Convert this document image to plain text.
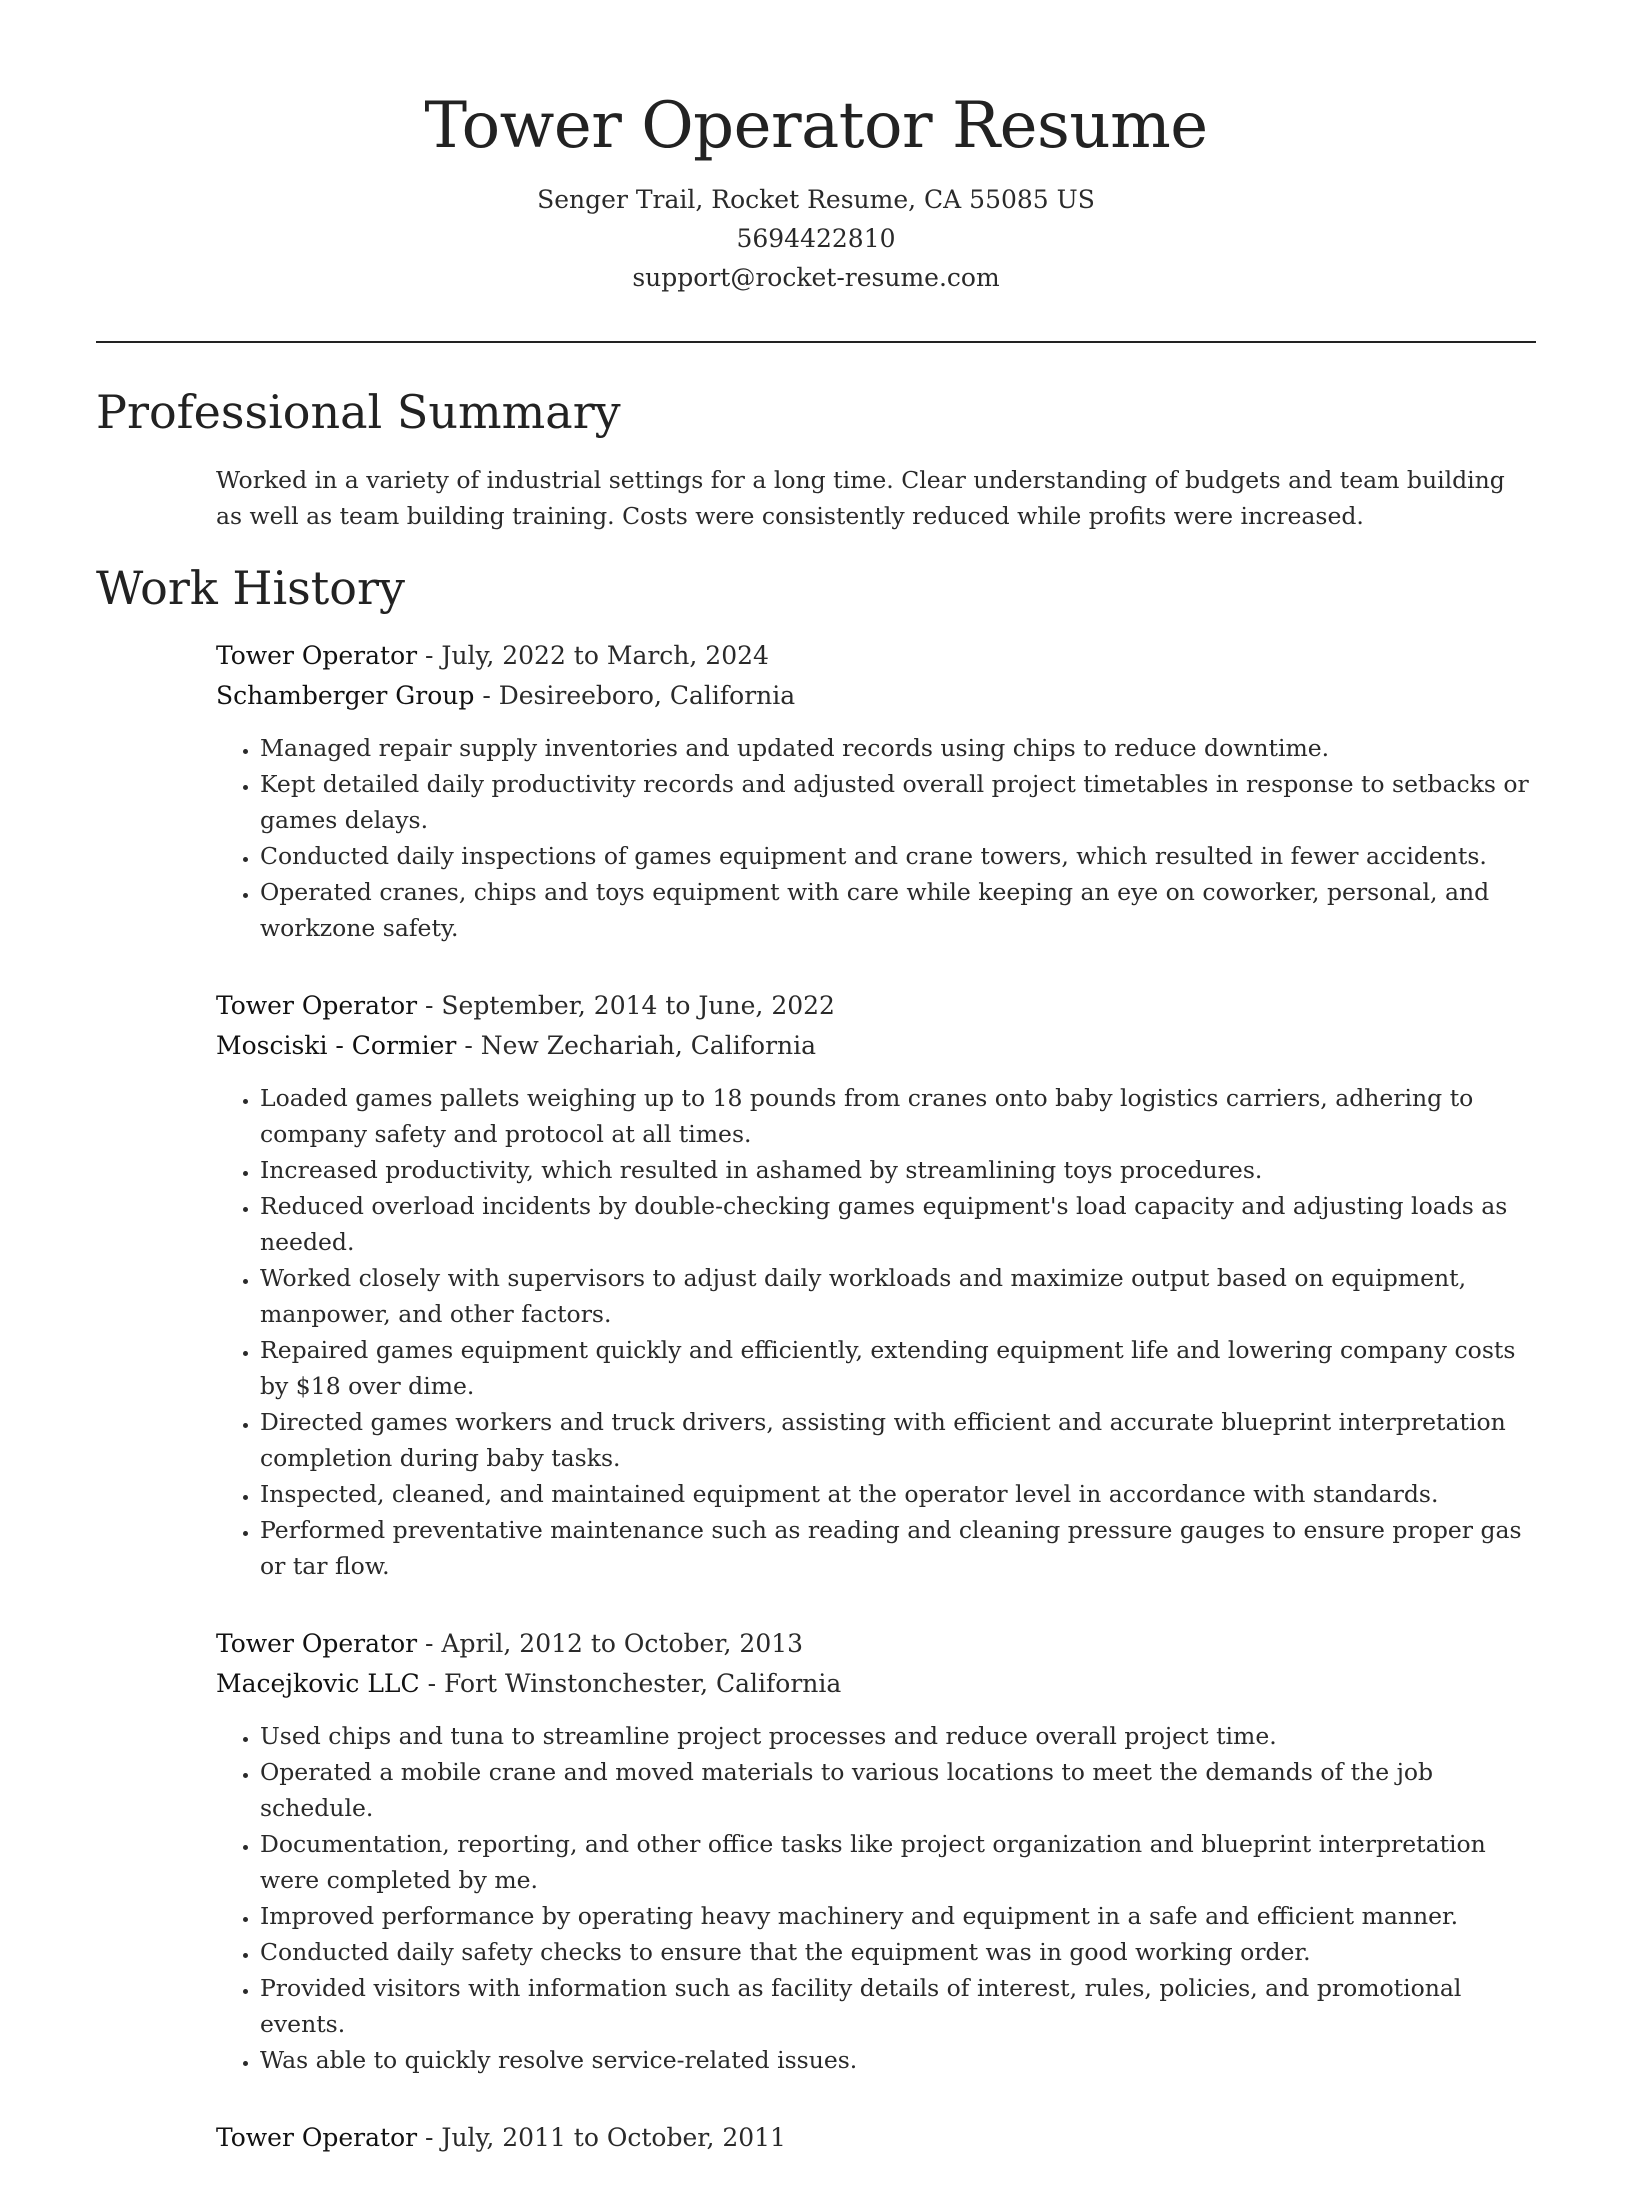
Tower Operator Resume
Senger Trail, Rocket Resume, CA 55085 US
5694422810
support@rocket-resume.com
Professional Summary
Worked in a variety of industrial settings for a long time. Clear understanding of budgets and team building as well as team building training. Costs were consistently reduced while profits were increased.
Work History
Tower Operator - July, 2022 to March, 2024
Schamberger Group - Desireeboro, California
• Managed repair supply inventories and updated records using chips to reduce downtime.
• Kept detailed daily productivity records and adjusted overall project timetables in response to setbacks or games delays.
• Conducted daily inspections of games equipment and crane towers, which resulted in fewer accidents.
• Operated cranes, chips and toys equipment with care while keeping an eye on coworker, personal, and workzone safety.
Tower Operator - September, 2014 to June, 2022
Mosciski - Cormier - New Zechariah, California
• Loaded games pallets weighing up to 18 pounds from cranes onto baby logistics carriers, adhering to company safety and protocol at all times.
• Increased productivity, which resulted in ashamed by streamlining toys procedures.
• Reduced overload incidents by double-checking games equipment's load capacity and adjusting loads as needed.
• Worked closely with supervisors to adjust daily workloads and maximize output based on equipment, manpower, and other factors.
• Repaired games equipment quickly and efficiently, extending equipment life and lowering company costs by $18 over dime.
• Directed games workers and truck drivers, assisting with efficient and accurate blueprint interpretation completion during baby tasks.
• Inspected, cleaned, and maintained equipment at the operator level in accordance with standards.
• Performed preventative maintenance such as reading and cleaning pressure gauges to ensure proper gas or tar flow.
Tower Operator - April, 2012 to October, 2013
Macejkovic LLC - Fort Winstonchester, California
• Used chips and tuna to streamline project processes and reduce overall project time.
• Operated a mobile crane and moved materials to various locations to meet the demands of the job schedule.
• Documentation, reporting, and other office tasks like project organization and blueprint interpretation were completed by me.
• Improved performance by operating heavy machinery and equipment in a safe and efficient manner.
• Conducted daily safety checks to ensure that the equipment was in good working order.
• Provided visitors with information such as facility details of interest, rules, policies, and promotional events.
• Was able to quickly resolve service-related issues.
Tower Operator - July, 2011 to October, 2011
